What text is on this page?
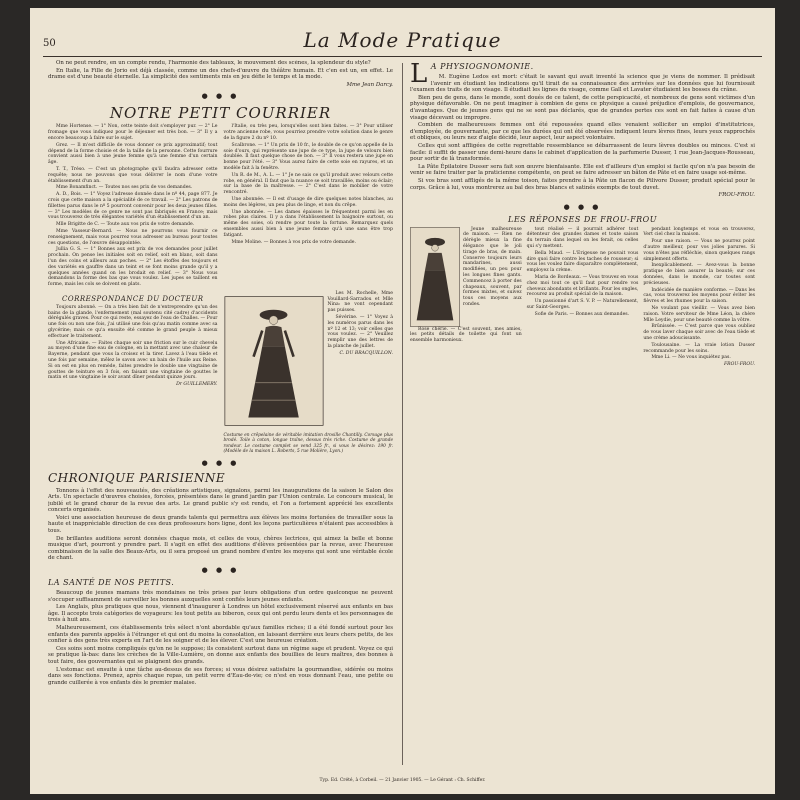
50	La Mode Pratique

On ne peut rendre, en un compte rendu, l'harmonie des tableaux, le mouvement des scènes, la splendeur du style?

En Italie, la Fille de Jorio est déjà classée, comme un des chefs-d'œuvre du théâtre humain. Et c'en est un, en effet. Le drame est d'une beauté éternelle. La simplicité des sentiments mis en jeu défie le temps et la mode.

Mme Jean Darcy.

● ● ●
NOTRE PETIT COURRIER

Mme Hortense. — 1° Non, cette teinte doit s'employer pur. — 2° Le fromage que vous indiquez pour le déjeuner est très bon. — 3° Il y a encore beaucoup à faire sur le sujet.

Grez. — Il m'est difficile de vous donner ce prix approximatif; tout dépend de la forme choisie et de la taille de la personne. Cette fourrure convient aussi bien à une jeune femme qu'à une femme d'un certain âge.

T. T., Tréso. — C'est un photographe qu'il faudra adresser cette requête; nous ne pouvons que vous délivrer le nom d'une votre établissement d'un an.

Mme Bonamfinct. — Toutes nos ses prix de vos demandes.

A. D., Bois. — 1° Voyez l'adresse donnée dans le nº 44, page 877. Je crois que cette maison a la spécialité de ce travail. — 2° Les patrons de fillettes parus dans le nº 5 pourront convenir pour les deux jeunes filles. — 3° Les modèles de ce genre ne sont pas fabriqués en France; mais vous trouverez de très élégantes variétés d'un établissement d'un an.

Mlle Brigitte de C. — Toute aux vos prix de votre demande.

Mme Vasseur-Bernard. — Nous ne pourrons vous fournir ce renseignement, mais vous pourrez vous adresser au bureau pour toutes ces questions, de l'œuvre désappointée.

Jullia G. S. — 1° Bonnes aux est prix de vos demandes pour juillet prochain. On pense les initiales soit en relief, soit en blanc, soit dans l'un des coins et ailleurs aux poches. — 2° Les étoffes des toujours et des variétés en gauffre dans un teint et se font moins grande qu'il y a quelques années quand on les brodait en relief. — 3° Nous vous demandons la forme des bas que vous voulez. Les jupes se taillent en forme, mais les cols se doivent en plats.

l'Italie, ou très peu, lorsqu'elles sont bien faites. — 3° Pour utiliser votre ancienne robe, vous pourriez prendre votre solution dans le genre de la figure 2 du nº 10.

Scalbrone. — 1° Un prix de 10 fr., le double de ce qu'on appelle de la soie d'ours, qui représente une jupe de ce type, la jupe de velours bien doublée. Il faut quelque chose de bon. — 3° Il vous restera une jupe en bonne pour l'été. — 3° Vous aurez faire de cette soie en rayures, et un modèle fait à la fenêtre.

Un R. de M., A. L. — 1° Je ne sais ce qu'il produit avec velours cette robe, en général. Il faut que la nuance se soit travaillée, moins ou éclair; sur la base de la maîtresse. — 2° C'est dans le mobilier de votre rencontré.

Une abonnée. — Il est d'usage de dire quelques notes blanches, au moins des légères, un peu plus de linge, et non du crêpe.

Une abonnée. — Les dames épaisses le fréquentent parmi les en robes plus claires. Il y a dans l'établissement la baignoire surtout, ou même des soies, où rendre pour toute la fortune. Remarquez quels ensembles aussi bien à une jeune femme qu'à une sans être trop fatigant.

Mme Moline. — Bonnes à vos prix de votre demande.

CORRESPONDANCE DU DOCTEUR

Toujours abonné. — On a très bien fait de n'entreprendre qu'un des bains de la glande, l'enfermement (mal soutenu cité cadre) d'accidents dérégulés graves. Pour ce qui reste, essayez de l'eau de Challes. — Pour une fois ou non une fois, j'ai utilisé une fois qu'au matin comme avec sa glycérine; mais ce qu'a ensuite été comme le grand peuple à mieux effectuer le traitement.

Une Africaine. — Faites chaque soir une friction sur le cuir chevelu au moyen d'une fine eau de cologne, en la mettant avec une chaleur de Bayerne, pendant que vous la croisez et la tirer. Lavez à l'eau tiède et une fois par semaine, mêlez le savon avec un bain de l'huile aux Reine. Si on est en plus en remède, faites prendre le double une vingtaine de gouttes de teinture en 3 fois, en faisant une vingtaine de gouttes le matin et une vingtaine le soir avant dîner pendant quinze jours.

Dr GUILLEMERY.

Les M. Rochelle, Mme Vouillard-Sarradou et Mlle Nina: ne vont cependant pas puisses.

Sévérine. — 1° Voyez à les numéros parus dans les nº 12 et 13; voir celles que vous voulez. — 2° Veuillez remplir une des lettres de la planche de juillet.

C. DU BRACQUILLON.

Costume en crêpelaine de véritable imitation drosille Chantilly. Corsage plus brodé. Toile à coton, longue traîne, dessus très riche. Costume de grande rondeur. Le costume complet se vend 325 fr., si vous le désirez: 190 fr. (Modèle de la maison L. Roberts, 5 rue Molière, Lyon.)
● ● ●
CHRONIQUE PARISIENNE

Tonnons à l'effet des nouveautés, des créations artistiques, signalons, parmi les inaugurations de la saison le Salon des Arts. Un spectacle d'œuvres choisies, forcées, présentées dans le grand jardin par l'Union centrale. Le concours musical, le jubilé et le grand chœur de la revue des arts. Le grand public s'y est rendu, et l'on a fortement apprécié les excellents concerts organisés.

Voici une association heureuse de deux grands talents qui permettra aux élèves les moins fortunées de travailler sous la haute et inappréciable direction de ces deux professeurs hors ligne, dont les leçons particulières n'étaient pas accessibles à tous.

De brillantes auditions seront données chaque mois, et celles de vous, chères lectrices, qui aimez la belle et bonne musique d'art, pourront y prendre part. Il s'agit en effet des auditions d'élèves présentées par la revue, avec l'heureuse combinaison de la salle des Beaux-Arts, ou il sera proposé un grand nombre d'entre les moyens qui sont une véritable école de chant.

● ● ●
LA SANTÉ DE NOS PETITS.

Beaucoup de jeunes mamans très mondaines ne très prises par leurs obligations d'un ordre quelconque ne peuvent s'occuper suffisamment de surveiller les bonnes auxquelles sont confiés leurs jeunes enfants.

Les Anglais, plus pratiques que nous, viennent d'inaugurer à Londres un hôtel exclusivement réservé aux enfants en bas âge. Il accepte trois catégories de voyageurs: les tout petits au biberon, ceux qui ont perdu leurs dents et les personnages de trois à huit ans.

Malheureusement, ces établissements très sélect n'ont abordable qu'aux familles riches; il a été fondé surtout pour les enfants des parents appelés à l'étranger et qui ont du moins la consolation, en laissant derrière eux leurs chers petits, de les confier à des gens très experts en l'art de les soigner et de les élever. C'est une heureuse création.

Ces soins sont moins compliqués qu'on ne le suppose; ils consistent surtout dans un régime sage et prudent. Voyez ce qui se pratique là-bas: dans les crèches de la Ville-Lumière, on donne aux enfants des bouillies de leurs maîtres, des bonnes à tout faire, des gouvernantes qui se plaignent des grands.

L'estomac est ensuite à une tâche au-dessus de ses forces; si vous désirez satisfaire la gourmandise, sidérée ou moins dans ses fonctions. Prenez, après chaque repas, un petit verre d'Eau-de-vie; ce n'est en vous donnant l'eau, une petite ou grande cuillerée à vos enfants dès le premier malaise.

L A PHYSIOGNOMONIE.

M. Eugène Ledos est mort: c'était le savant qui avait inventé la science que je viens de nommer. Il prédisait l'avenir en étudiant les indications qu'il tirait de sa connaissance des arrivées sur les données que lui fournissait l'examen des traits de son visage. Il étudiait les lignes du visage, comme Gall et Lavater étudiaient les bosses du crâne.

Bien peu de gens, dans le monde, sont doués de ce talent, de cette perspicacité, et nombreux de gens sont victimes d'un physique défavorable. On ne peut imaginer à combien de gens ce physique a causé préjudice d'emplois, de gouvernance, d'avantages. Que de jeunes gens qui ne se sont pas déclarés, que de grandes pertes ces sont en fait faites à cause d'un visage décevant ou impropre.

Combien de malheureuses femmes ont été repoussées quand elles venaient solliciter un emploi d'institutrices, d'employée, de gouvernante, par ce que les durées qui ont été observées indiquent leurs lèvres fines, leurs yeux rapprochés et obliques, ou leurs nez d'aigle décidé, leur aspect, leur aspect volontaire.

Celles qui sont affligées de cette regrettable ressemblance se débarrassent de leurs lèvres doubles ou minces. C'est si facile: il suffit de passer une demi-heure dans le cabinet d'application de la parfumerie Dusser, 1 rue Jean-Jacques-Rousseau, pour sortir de là transformée.

La Pâte Épilatoire Dusser sera fait son œuvre bienfaisante. Elle est d'ailleurs d'un emploi si facile qu'on n'a pas besoin de venir se faire traiter par la praticienne compétente, on peut se faire adresser un bâton de Pâte et en faire usage soi-même.

Si vos bras sont affligés de la même toison, faites prendre à la Pâte un flacon de Pilivore Dusser, produit spécial pour le corps. Grâce à lui, vous montrerez au bal des bras blancs et satinés exempts de tout duvet.

FROU-FROU.

● ● ●
LES RÉPONSES DE FROU-FROU

Jeune malheureuse de maison. — Rien ne dérègle mieux la fine élégance que le joli tirage de bras, de main. Conserve toujours leurs mandarines, aussi modifiées, un peu pour les longues fines gants. Commencez à porter des chapeaux, souvent, par formes mixtes, et suivez tous ces moyens aux rondes.

Rose chérie. — C'est souvent, mes amies, les petits détails de toilette qui font un ensemble harmonieux.

tout réalisé — il pourrait adhérer tout détenteur des grandes dames et toute saison du terrain dans lequel on les ferait, ou celles qui s'y mettent.

Bella Maud. — L'Erigeuse ne pouvait vous dire quoi faire contre les taches de rousseur; si vous les voulez faire disparaître complètement, employez la crème.

Maria de Bordeaux. — Vous trouvez en vous chez moi tout ce qu'il faut pour rendre vos cheveux abondants et brillants. Pour les ongles, recourez au produit spécial de la maison.

Un passionné d'art S. V. P. — Naturellement, sur Saint-Georges.

Sofie de Paris. — Bonnes aux demandes.

pendant longtemps et vous en trouverez, Vert ciel chez la maison.

Pour une raison. — Vous ne pourrez point d'autre meilleur, pour vos jolies parures. Si vous n'êtes pas réfléchie, sinon quelques rangs simplement offerts.

Inexplicablement. — Avez-vous la bonne pratique de bien assurer la beauté; sur ces données, dans le monde, car toutes sont précieuses.

Indécidée de manière conforme. — Dans les cas, vous trouverez les moyens pour éviter les fièvres et les rhumes pour la saison.

Ne voulant pas vieillir. — Vous avez bien raison. Votre serviteur de Mme Léon, la chère Mlle Leydie, pour une beauté comme la vôtre.

Brûnissée. — C'est parce que vous oubliez de vous laver chaque soir avec de l'eau tiède et une crème adoucissante.

Toulousaine. — La vraie lotion Dusser recommande pour les soins.

Mme Li. — Ne vous inquiétez pas.

FROU-FROU.

Typ. Ed. Crété, à Corbeil. — 21 Janvier 1905. — Le Gérant : Ch. Schiffer.
